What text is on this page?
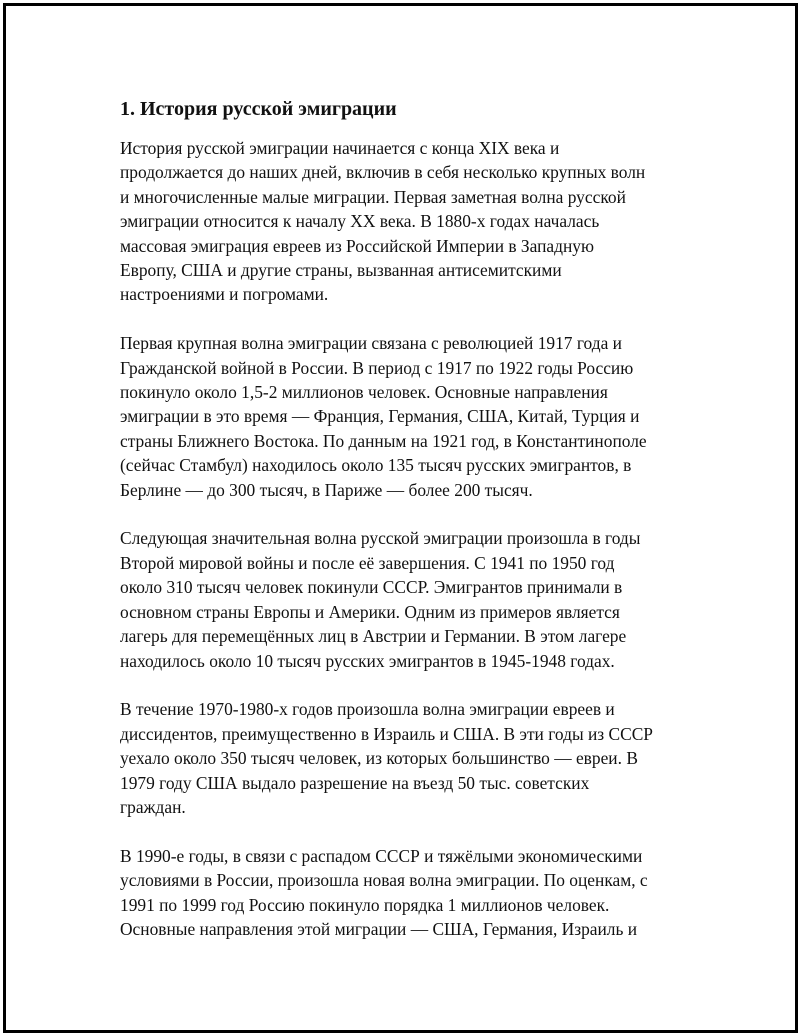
1. История русской эмиграции

История русской эмиграции начинается с конца XIX века и
продолжается до наших дней, включив в себя несколько крупных волн
и многочисленные малые миграции. Первая заметная волна русской
эмиграции относится к началу XX века. В 1880-х годах началась
массовая эмиграция евреев из Российской Империи в Западную
Европу, США и другие страны, вызванная антисемитскими
настроениями и погромами.

Первая крупная волна эмиграции связана с революцией 1917 года и
Гражданской войной в России. В период с 1917 по 1922 годы Россию
покинуло около 1,5-2 миллионов человек. Основные направления
эмиграции в это время — Франция, Германия, США, Китай, Турция и
страны Ближнего Востока. По данным на 1921 год, в Константинополе
(сейчас Стамбул) находилось около 135 тысяч русских эмигрантов, в
Берлине — до 300 тысяч, в Париже — более 200 тысяч.

Следующая значительная волна русской эмиграции произошла в годы
Второй мировой войны и после её завершения. С 1941 по 1950 год
около 310 тысяч человек покинули СССР. Эмигрантов принимали в
основном страны Европы и Америки. Одним из примеров является
лагерь для перемещённых лиц в Австрии и Германии. В этом лагере
находилось около 10 тысяч русских эмигрантов в 1945-1948 годах.

В течение 1970-1980-х годов произошла волна эмиграции евреев и
диссидентов, преимущественно в Израиль и США. В эти годы из СССР
уехало около 350 тысяч человек, из которых большинство — евреи. В
1979 году США выдало разрешение на въезд 50 тыс. советских
граждан.

В 1990-е годы, в связи с распадом СССР и тяжёлыми экономическими
условиями в России, произошла новая волна эмиграции. По оценкам, с
1991 по 1999 год Россию покинуло порядка 1 миллионов человек.
Основные направления этой миграции — США, Германия, Израиль и
